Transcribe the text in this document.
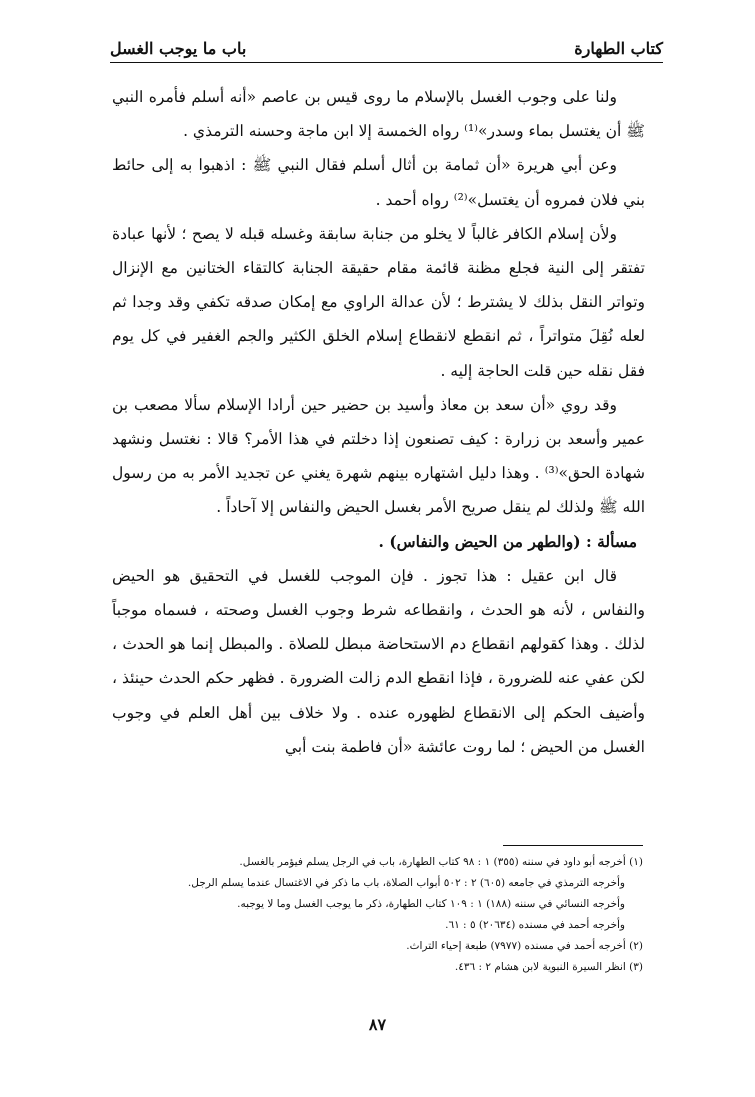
كتاب الطهارة
باب ما يوجب الغسل

ولنا على وجوب الغسل بالإسلام ما روى قيس بن عاصم «أنه أسلم فأمره النبي ﷺ أن يغتسل بماء وسدر»⁽¹⁾ رواه الخمسة إلا ابن ماجة وحسنه الترمذي .

وعن أبي هريرة «أن ثمامة بن أثال أسلم فقال النبي ﷺ : اذهبوا به إلى حائط بني فلان فمروه أن يغتسل»⁽²⁾ رواه أحمد .

ولأن إسلام الكافر غالباً لا يخلو من جنابة سابقة وغسله قبله لا يصح ؛ لأنها عبادة تفتقر إلى النية فجلع مظنة قائمة مقام حقيقة الجنابة كالتقاء الختانين مع الإنزال وتواتر النقل بذلك لا يشترط ؛ لأن عدالة الراوي مع إمكان صدقه تكفي وقد وجدا ثم لعله نُقِلَ متواتراً ، ثم انقطع لانقطاع إسلام الخلق الكثير والجم الغفير في كل يوم فقل نقله حين قلت الحاجة إليه .

وقد روي «أن سعد بن معاذ وأسيد بن حضير حين أرادا الإسلام سألا مصعب بن عمير وأسعد بن زرارة : كيف تصنعون إذا دخلتم في هذا الأمر؟ قالا : نغتسل ونشهد شهادة الحق»⁽³⁾ . وهذا دليل اشتهاره بينهم شهرة يغني عن تجديد الأمر به من رسول الله ﷺ ولذلك لم ينقل صريح الأمر بغسل الحيض والنفاس إلا آحاداً .

مسألة : (والطهر من الحيض والنفاس) .

قال ابن عقيل : هذا تجوز . فإن الموجب للغسل في التحقيق هو الحيض والنفاس ، لأنه هو الحدث ، وانقطاعه شرط وجوب الغسل وصحته ، فسماه موجباً لذلك . وهذا كقولهم انقطاع دم الاستحاضة مبطل للصلاة . والمبطل إنما هو الحدث ، لكن عفي عنه للضرورة ، فإذا انقطع الدم زالت الضرورة . فظهر حكم الحدث حينئذ ، وأضيف الحكم إلى الانقطاع لظهوره عنده . ولا خلاف بين أهل العلم في وجوب الغسل من الحيض ؛ لما روت عائشة «أن فاطمة بنت أبي

(١) أخرجه أبو داود في سننه (٣٥٥) ١ : ٩٨ كتاب الطهارة، باب في الرجل يسلم فيؤمر بالغسل.

وأخرجه الترمذي في جامعه (٦٠٥) ٢ : ٥٠٢ أبواب الصلاة، باب ما ذكر في الاغتسال عندما يسلم الرجل.

وأخرجه النسائي في سننه (١٨٨) ١ : ١٠٩ كتاب الطهارة، ذكر ما يوجب الغسل وما لا يوجبه.

وأخرجه أحمد في مسنده (٢٠٦٣٤) ٥ : ٦١.

(٢) أخرجه أحمد في مسنده (٧٩٧٧) طبعة إحياء التراث.

(٣) انظر السيرة النبوية لابن هشام ٢ : ٤٣٦.

٨٧
